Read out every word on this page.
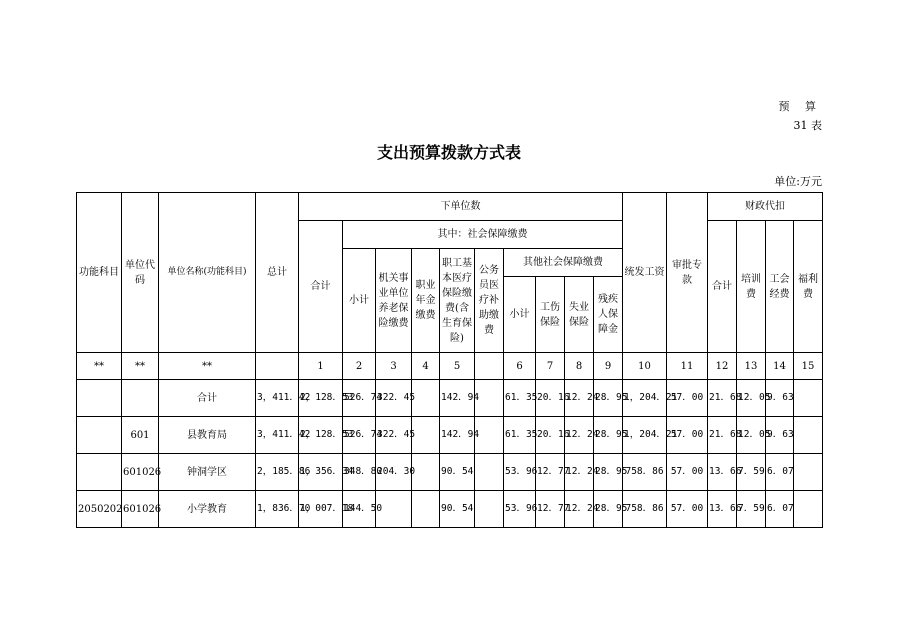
预 算
31 表
支出预算拨款方式表
单位:万元
功能科目	单位代码	单位名称(功能科目)	总计	下单位数										统发工资	审批专款	财政代扣			
				合计	其中：社会保障缴费											合计	培训费	工会经费	福利费
					小计	机关事业单位养老保险缴费	职业年金缴费	职工基本医疗保险缴费(含生育保险)	公务员医疗补助缴费	其他社会保障缴费									
										小计	工伤保险	失业保险	残疾人保障金						
**	**	**		1	2	3	4	5		6	7	8	9	10	11	12	13	14	15
		合计	3，411．42	2，128．53	526．74	322．45		142．94		61．35	20．16	12．24	28．95	1，204．21	57．00	21．68	12．05	9．63	
	601	县教育局	3，411．42	2，128．53	526．74	322．45		142．94		61．35	20．16	12．24	28．95	1，204．21	57．00	21．68	12．05	9．63	
	601026	钟洞学区	2，185．86	1，356．34	348．80	204．30		90．54		53．96	12．77	12．24	28．95	758．86	57．00	13．66	7．59	6．07	
2050202	601026	小学教育	1，836．70	1，007．18	144．50			90．54		53．96	12．77	12．24	28．95	758．86	57．00	13．66	7．59	6．07	
